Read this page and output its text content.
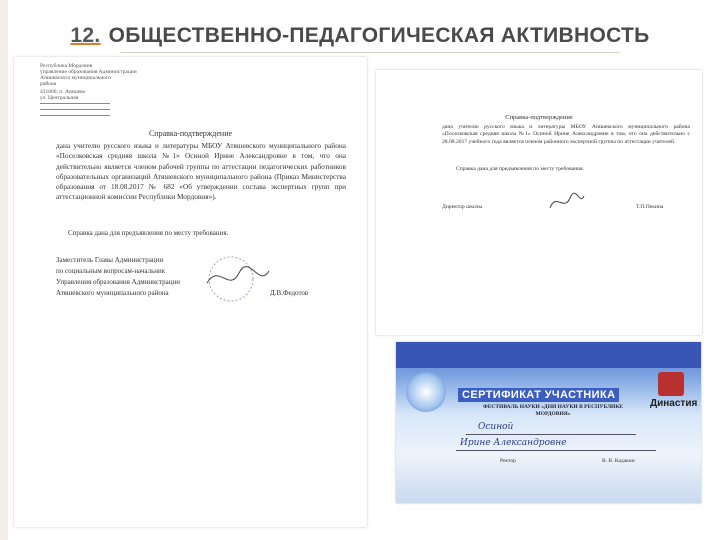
12. ОБЩЕСТВЕННО-ПЕДАГОГИЧЕСКАЯ АКТИВНОСТЬ
Республика Мордовия
управление образования Администрации
Атяшевского муниципального
района
431800, п. Атяшево
ул. Центральная
Справка-подтверждение
дана учителю русского языка и литературы МБОУ Атяшевского муниципального района «Поселковская средняя школа №1» Осиной Ирине Александровне в том, что она действительно является членом рабочей группы по аттестации педагогических работников образовательных организаций Атяшевского муниципального района (Приказ Министерства образования от 18.08.2017 № 682 «Об утверждении состава экспертных групп при аттестационной комиссии Республики Мордовия»).
Справка дана для предъявления по месту требования.
Заместитель Главы Администрации
по социальным вопросам-начальник
Управления образования Администрации
Атяшевского муниципального района	Д.В.Федотов
Справка-подтверждение
дана учителю русского языка и литературы МБОУ Атяшевского муниципального района «Поселковская средняя школа №1» Осиной Ирине Александровне в том, что она действительно с 28.08.2017 учебного года является членом районного экспертной группы по аттестации учителей.
Справка дана для предъявления по месту требования.
Директор школы	Т.П.Пекина
СЕРТИФИКАТ УЧАСТНИКА
ФЕСТИВАЛЬ НАУКИ «ДНИ НАУКИ В РЕСПУБЛИКЕ МОРДОВИЯ»
Династия
Осиной
Ирине Александровне
Ректор	В. В. Кадакин
